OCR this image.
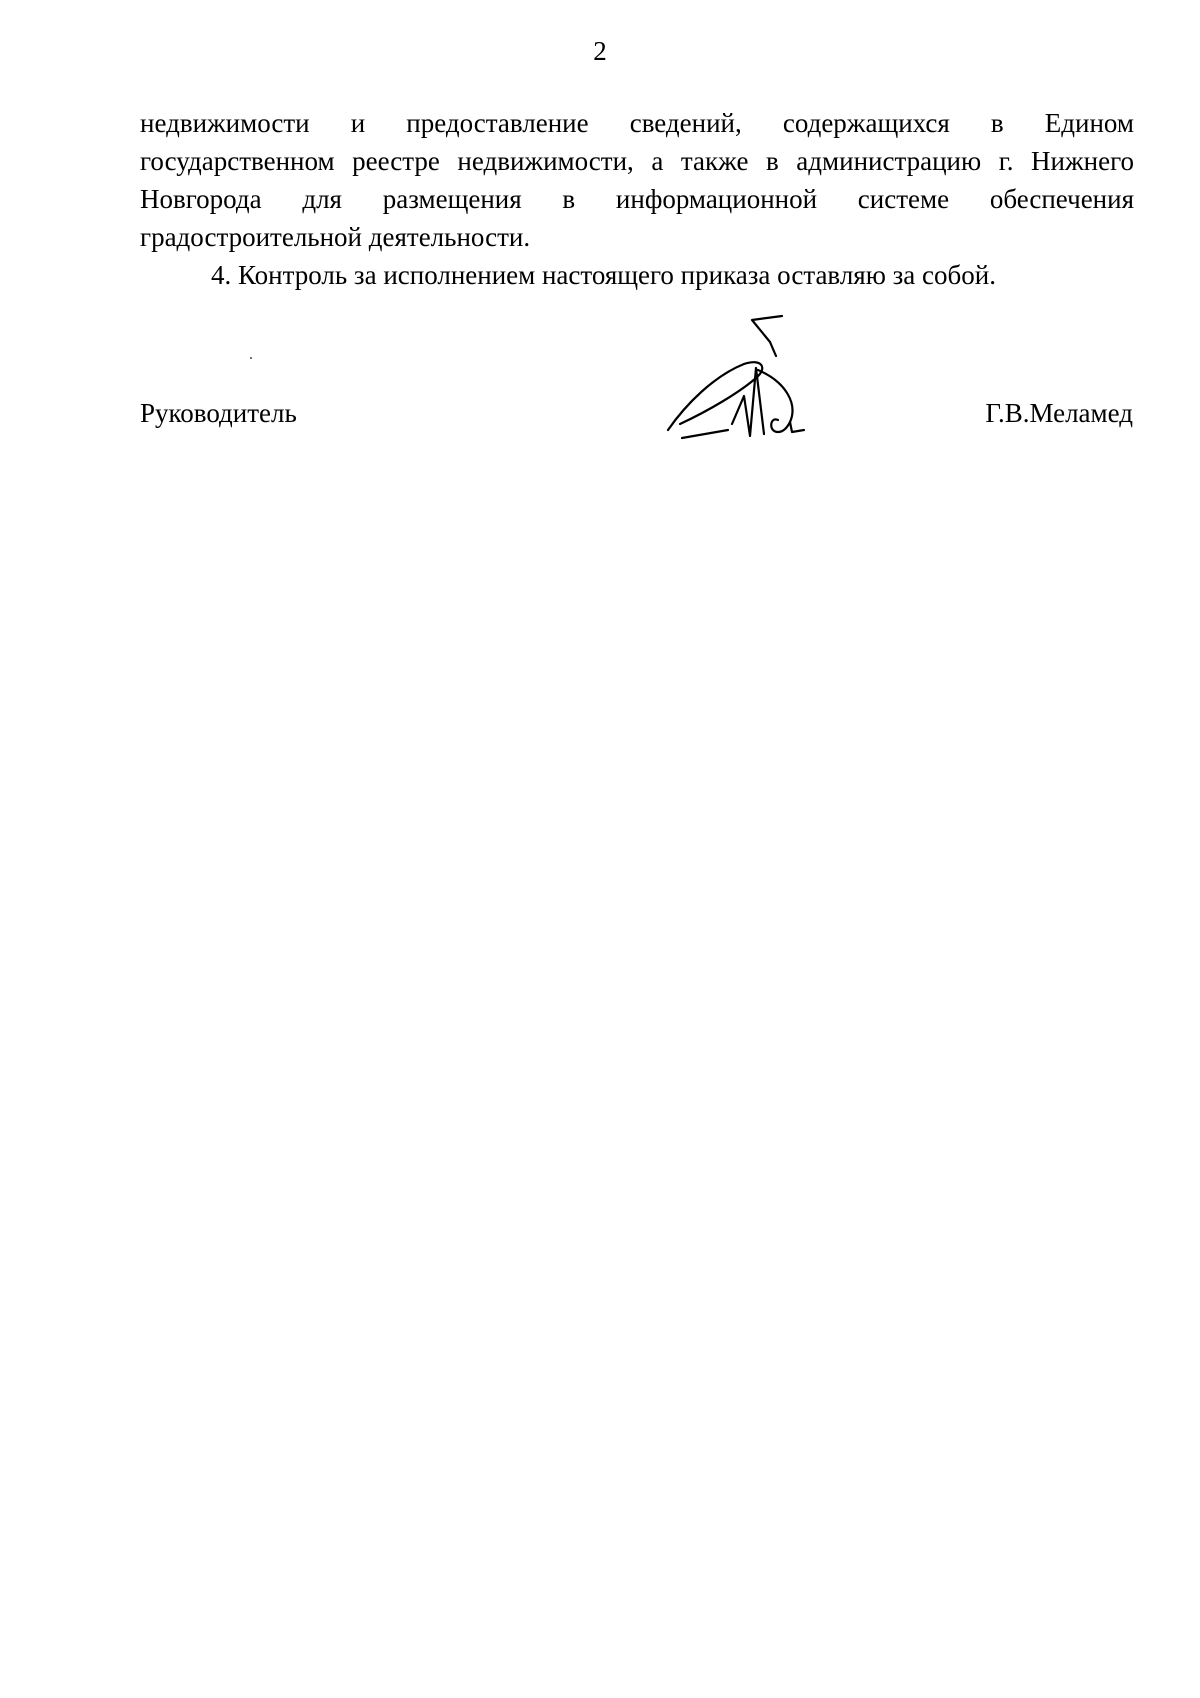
2
недвижимости и предоставление сведений, содержащихся в Едином
государственном реестре недвижимости, а также в администрацию г. Нижнего
Новгорода для размещения в информационной системе обеспечения
градостроительной деятельности.
4. Контроль за исполнением настоящего приказа оставляю за собой.
Руководитель	Г.В.Меламед
